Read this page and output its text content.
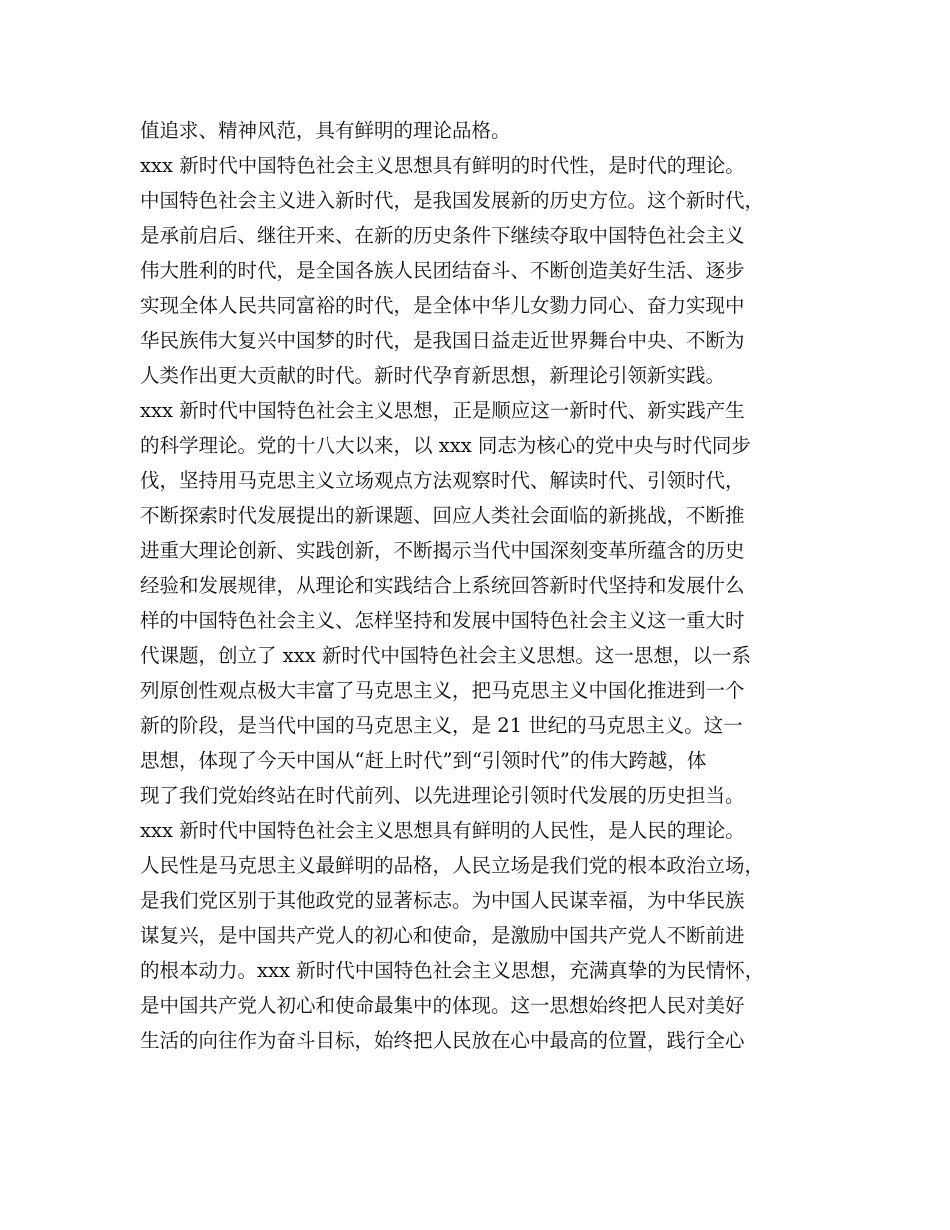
值追求、精神风范，具有鲜明的理论品格。
xxx 新时代中国特色社会主义思想具有鲜明的时代性，是时代的理论。
中国特色社会主义进入新时代，是我国发展新的历史方位。这个新时代，
是承前启后、继往开来、在新的历史条件下继续夺取中国特色社会主义
伟大胜利的时代，是全国各族人民团结奋斗、不断创造美好生活、逐步
实现全体人民共同富裕的时代，是全体中华儿女勠力同心、奋力实现中
华民族伟大复兴中国梦的时代，是我国日益走近世界舞台中央、不断为
人类作出更大贡献的时代。新时代孕育新思想，新理论引领新实践。
xxx 新时代中国特色社会主义思想，正是顺应这一新时代、新实践产生
的科学理论。党的十八大以来，以 xxx 同志为核心的党中央与时代同步
伐，坚持用马克思主义立场观点方法观察时代、解读时代、引领时代，
不断探索时代发展提出的新课题、回应人类社会面临的新挑战，不断推
进重大理论创新、实践创新，不断揭示当代中国深刻变革所蕴含的历史
经验和发展规律，从理论和实践结合上系统回答新时代坚持和发展什么
样的中国特色社会主义、怎样坚持和发展中国特色社会主义这一重大时
代课题，创立了 xxx 新时代中国特色社会主义思想。这一思想，以一系
列原创性观点极大丰富了马克思主义，把马克思主义中国化推进到一个
新的阶段，是当代中国的马克思主义，是 21 世纪的马克思主义。这一
思想，体现了今天中国从“赶上时代”到“引领时代”的伟大跨越，体
现了我们党始终站在时代前列、以先进理论引领时代发展的历史担当。
xxx 新时代中国特色社会主义思想具有鲜明的人民性，是人民的理论。
人民性是马克思主义最鲜明的品格，人民立场是我们党的根本政治立场，
是我们党区别于其他政党的显著标志。为中国人民谋幸福，为中华民族
谋复兴，是中国共产党人的初心和使命，是激励中国共产党人不断前进
的根本动力。xxx 新时代中国特色社会主义思想，充满真挚的为民情怀，
是中国共产党人初心和使命最集中的体现。这一思想始终把人民对美好
生活的向往作为奋斗目标，始终把人民放在心中最高的位置，践行全心
